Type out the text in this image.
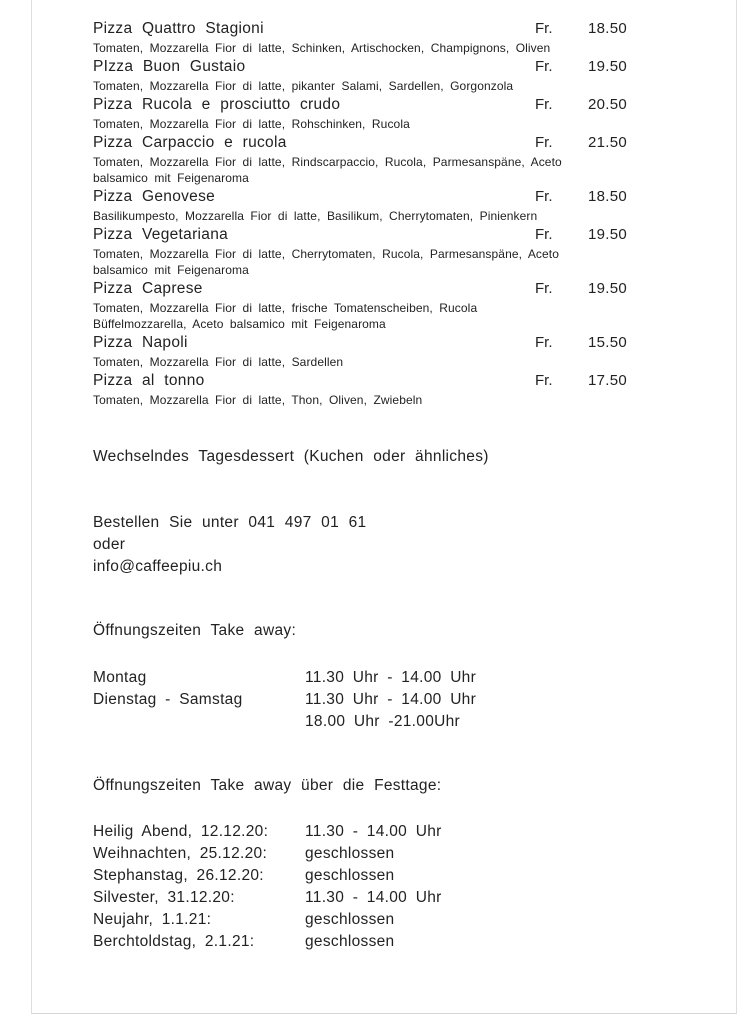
Pizza Quattro Stagioni	Fr.	18.50
Tomaten, Mozzarella Fior di latte, Schinken, Artischocken, Champignons, Oliven
PIzza Buon Gustaio	Fr.	19.50
Tomaten, Mozzarella Fior di latte, pikanter Salami, Sardellen, Gorgonzola
Pizza Rucola e prosciutto crudo	Fr.	20.50
Tomaten, Mozzarella Fior di latte, Rohschinken, Rucola
Pizza Carpaccio e rucola	Fr.	21.50
Tomaten, Mozzarella Fior di latte, Rindscarpaccio, Rucola, Parmesanspäne, Aceto balsamico mit Feigenaroma
Pizza Genovese	Fr.	18.50
Basilikumpesto, Mozzarella Fior di latte, Basilikum, Cherrytomaten, Pinienkern
Pizza Vegetariana	Fr.	19.50
Tomaten, Mozzarella Fior di latte, Cherrytomaten, Rucola, Parmesanspäne, Aceto balsamico mit Feigenaroma
Pizza Caprese	Fr.	19.50
Tomaten, Mozzarella Fior di latte, frische Tomatenscheiben, Rucola Büffelmozzarella, Aceto balsamico mit Feigenaroma
Pizza Napoli	Fr.	15.50
Tomaten, Mozzarella Fior di latte, Sardellen
Pizza al tonno	Fr.	17.50
Tomaten, Mozzarella Fior di latte, Thon, Oliven, Zwiebeln
Wechselndes Tagesdessert (Kuchen oder ähnliches)
Bestellen Sie unter 041 497 01 61
oder
info@caffeepiu.ch
Öffnungszeiten Take away:
Montag	11.30 Uhr - 14.00 Uhr
Dienstag - Samstag	11.30 Uhr - 14.00 Uhr
18.00 Uhr -21.00Uhr
Öffnungszeiten Take away über die Festtage:
Heilig Abend, 12.12.20:	11.30 - 14.00 Uhr
Weihnachten, 25.12.20:	geschlossen
Stephanstag, 26.12.20:	geschlossen
Silvester, 31.12.20:	11.30 - 14.00 Uhr
Neujahr, 1.1.21:	geschlossen
Berchtoldstag, 2.1.21:	geschlossen
